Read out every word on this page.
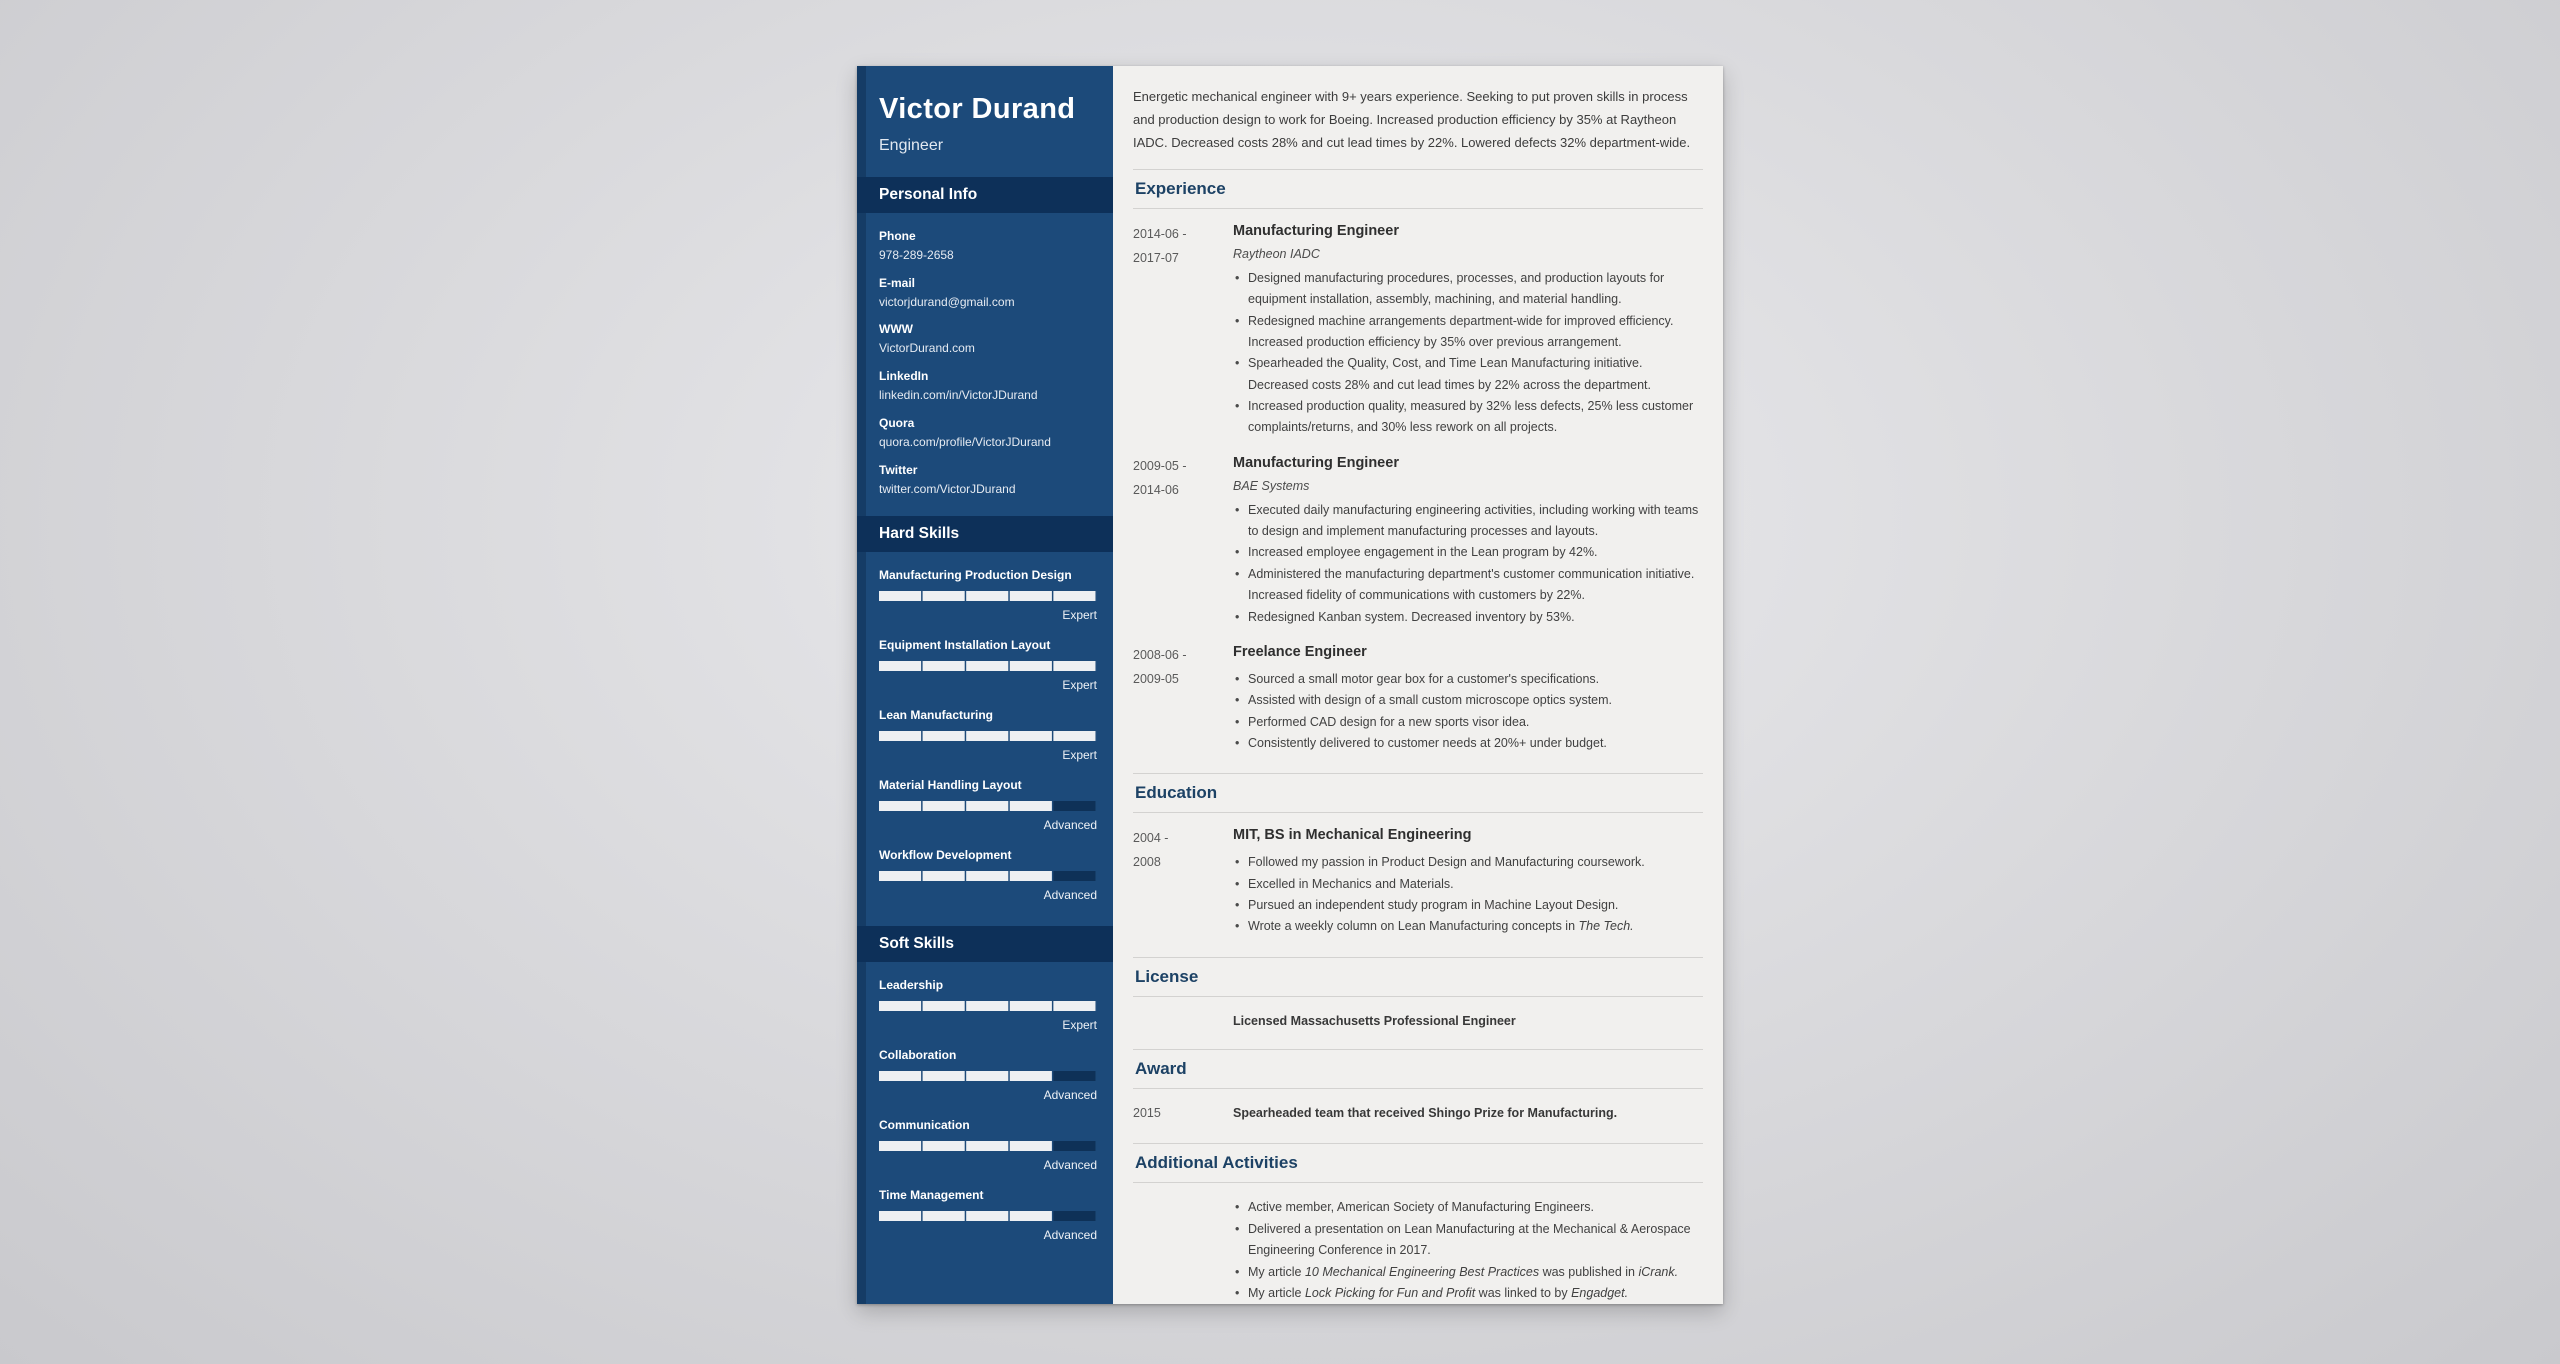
Victor Durand
Engineer
Personal Info
Phone
978-289-2658
E-mail
victorjdurand@gmail.com
WWW
VictorDurand.com
LinkedIn
linkedin.com/in/VictorJDurand
Quora
quora.com/profile/VictorJDurand
Twitter
twitter.com/VictorJDurand
Hard Skills
Manufacturing Production Design
Expert
Equipment Installation Layout
Expert
Lean Manufacturing
Expert
Material Handling Layout
Advanced
Workflow Development
Advanced
Soft Skills
Leadership
Expert
Collaboration
Advanced
Communication
Advanced
Time Management
Advanced

Energetic mechanical engineer with 9+ years experience. Seeking to put proven skills in process and production design to work for Boeing. Increased production efficiency by 35% at Raytheon IADC. Decreased costs 28% and cut lead times by 22%. Lowered defects 32% department-wide.

Experience
2014-06 -
2017-07
Manufacturing Engineer
Raytheon IADC
• Designed manufacturing procedures, processes, and production layouts for equipment installation, assembly, machining, and material handling.
• Redesigned machine arrangements department-wide for improved efficiency. Increased production efficiency by 35% over previous arrangement.
• Spearheaded the Quality, Cost, and Time Lean Manufacturing initiative. Decreased costs 28% and cut lead times by 22% across the department.
• Increased production quality, measured by 32% less defects, 25% less customer complaints/returns, and 30% less rework on all projects.
2009-05 -
2014-06
Manufacturing Engineer
BAE Systems
• Executed daily manufacturing engineering activities, including working with teams to design and implement manufacturing processes and layouts.
• Increased employee engagement in the Lean program by 42%.
• Administered the manufacturing department's customer communication initiative. Increased fidelity of communications with customers by 22%.
• Redesigned Kanban system. Decreased inventory by 53%.
2008-06 -
2009-05
Freelance Engineer
• Sourced a small motor gear box for a customer's specifications.
• Assisted with design of a small custom microscope optics system.
• Performed CAD design for a new sports visor idea.
• Consistently delivered to customer needs at 20%+ under budget.
Education
2004 -
2008
MIT, BS in Mechanical Engineering
• Followed my passion in Product Design and Manufacturing coursework.
• Excelled in Mechanics and Materials.
• Pursued an independent study program in Machine Layout Design.
• Wrote a weekly column on Lean Manufacturing concepts in The Tech.
License
Licensed Massachusetts Professional Engineer
Award
2015	Spearheaded team that received Shingo Prize for Manufacturing.
Additional Activities
• Active member, American Society of Manufacturing Engineers.
• Delivered a presentation on Lean Manufacturing at the Mechanical & Aerospace Engineering Conference in 2017.
• My article 10 Mechanical Engineering Best Practices was published in iCrank.
• My article Lock Picking for Fun and Profit was linked to by Engadget.
